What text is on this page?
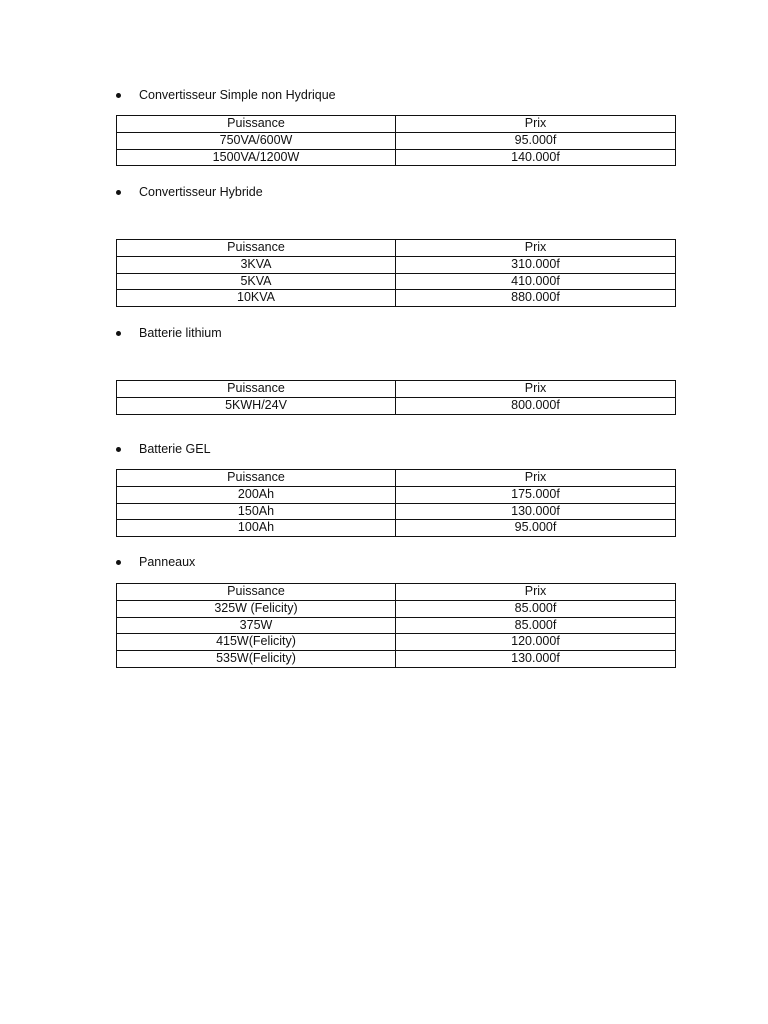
Convertisseur Simple non Hydrique
Puissance	Prix
750VA/600W	95.000f
1500VA/1200W	140.000f
Convertisseur Hybride
Puissance	Prix
3KVA	310.000f
5KVA	410.000f
10KVA	880.000f
Batterie lithium
Puissance	Prix
5KWH/24V	800.000f
Batterie GEL
Puissance	Prix
200Ah	175.000f
150Ah	130.000f
100Ah	95.000f
Panneaux
Puissance	Prix
325W (Felicity)	85.000f
375W	85.000f
415W(Felicity)	120.000f
535W(Felicity)	130.000f
